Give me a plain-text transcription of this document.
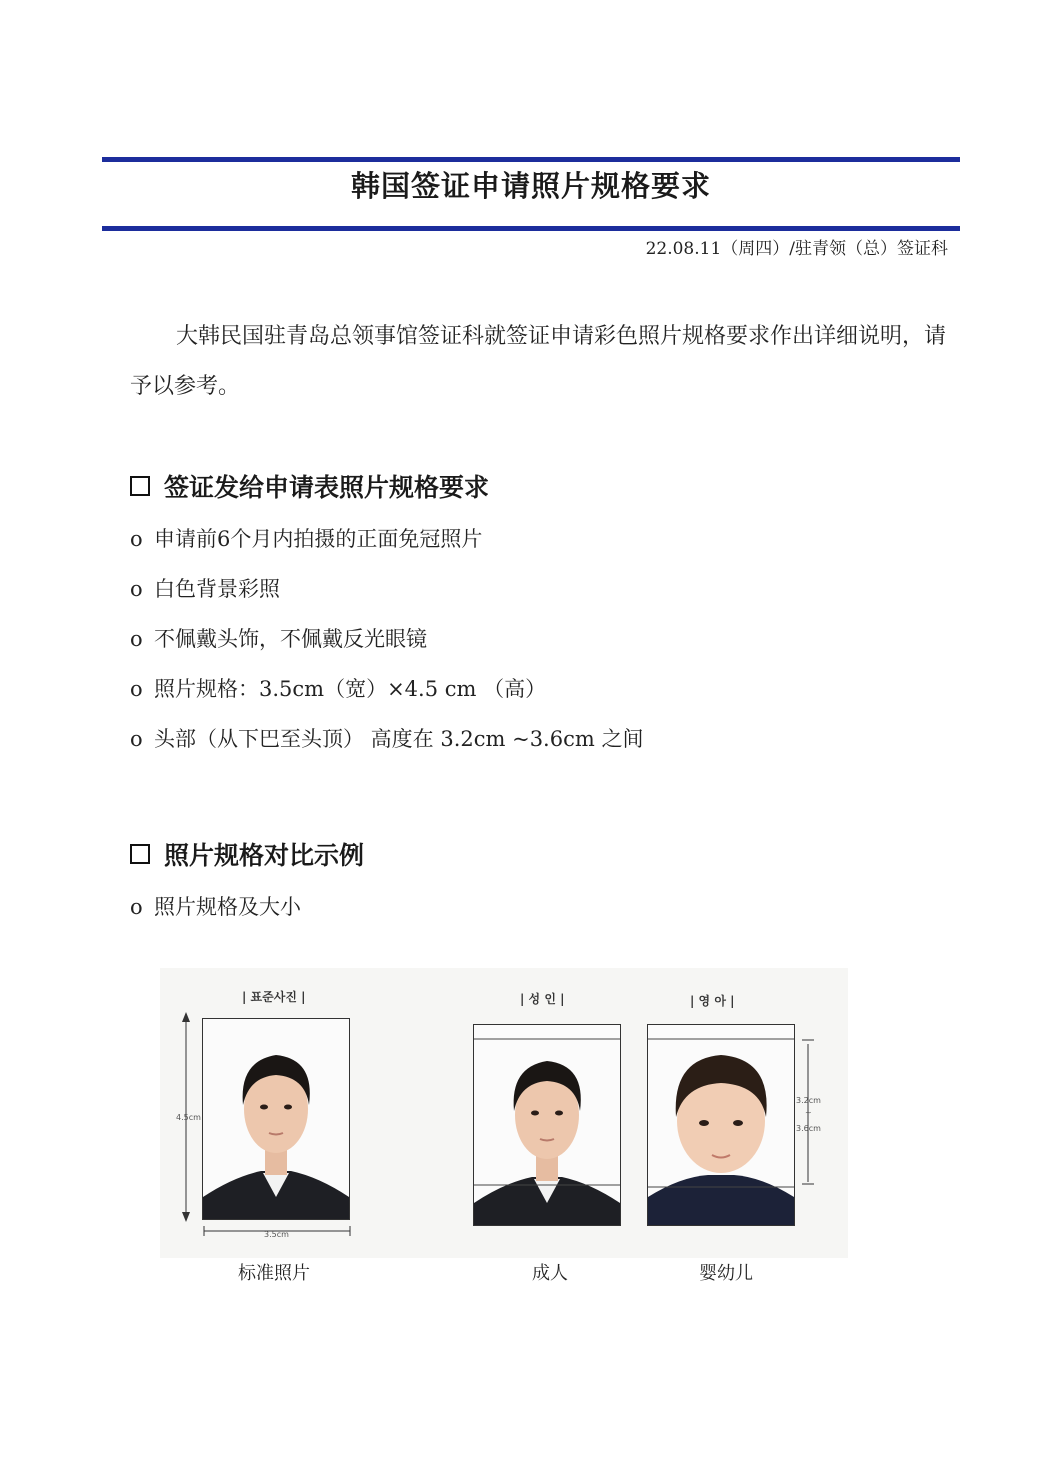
韩国签证申请照片规格要求
22.08.11（周四）/驻青领（总）签证科
大韩民国驻青岛总领事馆签证科就签证申请彩色照片规格要求作出详细说明，请予以参考。
签证发给申请表照片规格要求
o 申请前6个月内拍摄的正面免冠照片
o 白色背景彩照
o 不佩戴头饰，不佩戴反光眼镜
o 照片规格：3.5cm（宽）×4.5 cm （高）
o 头部（从下巴至头顶） 高度在 3.2cm ~3.6cm 之间
照片规格对比示例
o 照片规格及大小
| 표준사진 |	| 성 인 |	| 영 아 |
4.5cm
3.5cm
3.2cm
~
3.6cm
标准照片	成人	婴幼儿
